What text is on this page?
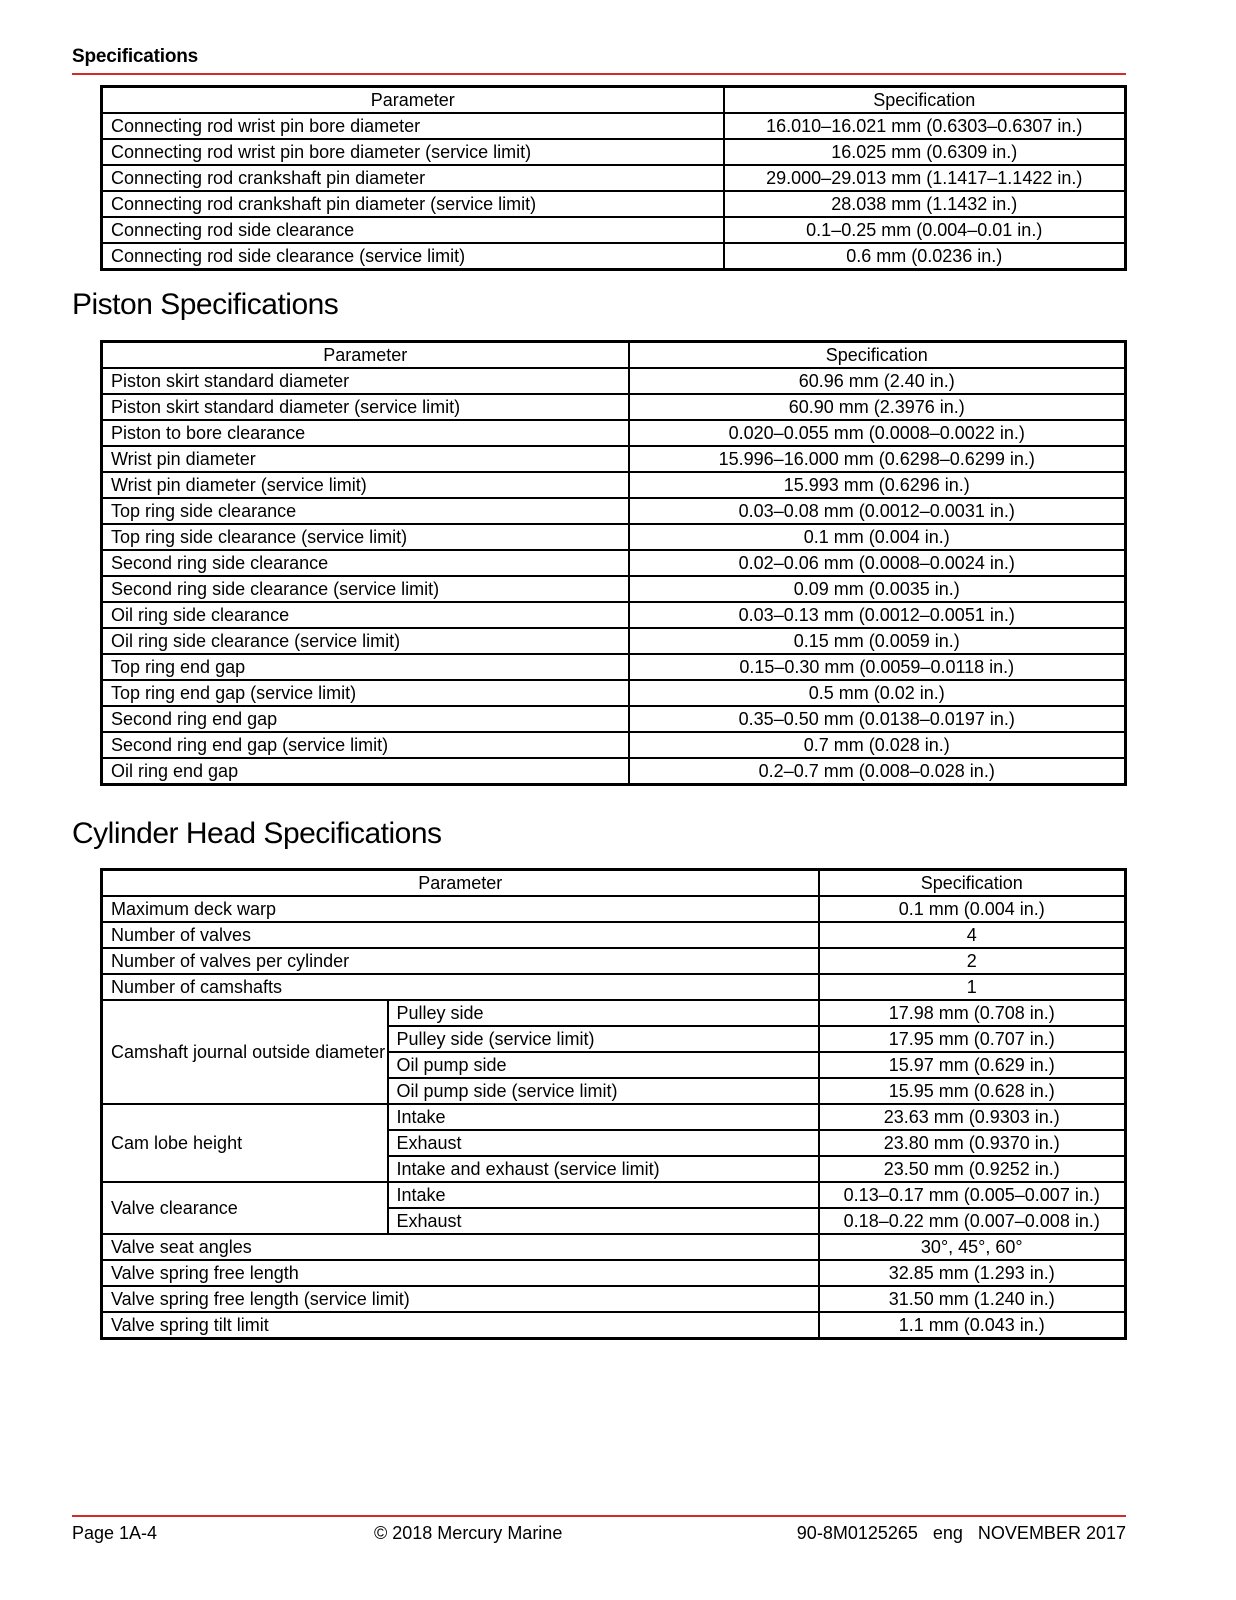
Specifications
Parameter	Specification
Connecting rod wrist pin bore diameter	16.010–16.021 mm (0.6303–0.6307 in.)
Connecting rod wrist pin bore diameter (service limit)	16.025 mm (0.6309 in.)
Connecting rod crankshaft pin diameter	29.000–29.013 mm (1.1417–1.1422 in.)
Connecting rod crankshaft pin diameter (service limit)	28.038 mm (1.1432 in.)
Connecting rod side clearance	0.1–0.25 mm (0.004–0.01 in.)
Connecting rod side clearance (service limit)	0.6 mm (0.0236 in.)
Piston Specifications
Parameter	Specification
Piston skirt standard diameter	60.96 mm (2.40 in.)
Piston skirt standard diameter (service limit)	60.90 mm (2.3976 in.)
Piston to bore clearance	0.020–0.055 mm (0.0008–0.0022 in.)
Wrist pin diameter	15.996–16.000 mm (0.6298–0.6299 in.)
Wrist pin diameter (service limit)	15.993 mm (0.6296 in.)
Top ring side clearance	0.03–0.08 mm (0.0012–0.0031 in.)
Top ring side clearance (service limit)	0.1 mm (0.004 in.)
Second ring side clearance	0.02–0.06 mm (0.0008–0.0024 in.)
Second ring side clearance (service limit)	0.09 mm (0.0035 in.)
Oil ring side clearance	0.03–0.13 mm (0.0012–0.0051 in.)
Oil ring side clearance (service limit)	0.15 mm (0.0059 in.)
Top ring end gap	0.15–0.30 mm (0.0059–0.0118 in.)
Top ring end gap (service limit)	0.5 mm (0.02 in.)
Second ring end gap	0.35–0.50 mm (0.0138–0.0197 in.)
Second ring end gap (service limit)	0.7 mm (0.028 in.)
Oil ring end gap	0.2–0.7 mm (0.008–0.028 in.)
Cylinder Head Specifications
Parameter		Specification
Maximum deck warp		0.1 mm (0.004 in.)
Number of valves		4
Number of valves per cylinder		2
Number of camshafts		1
Camshaft journal outside diameter	Pulley side	17.98 mm (0.708 in.)
	Pulley side (service limit)	17.95 mm (0.707 in.)
	Oil pump side	15.97 mm (0.629 in.)
	Oil pump side (service limit)	15.95 mm (0.628 in.)
Cam lobe height	Intake	23.63 mm (0.9303 in.)
	Exhaust	23.80 mm (0.9370 in.)
	Intake and exhaust (service limit)	23.50 mm (0.9252 in.)
Valve clearance	Intake	0.13–0.17 mm (0.005–0.007 in.)
	Exhaust	0.18–0.22 mm (0.007–0.008 in.)
Valve seat angles		30°, 45°, 60°
Valve spring free length		32.85 mm (1.293 in.)
Valve spring free length (service limit)		31.50 mm (1.240 in.)
Valve spring tilt limit		1.1 mm (0.043 in.)
Page 1A-4	© 2018 Mercury Marine	90-8M0125265   eng   NOVEMBER 2017
